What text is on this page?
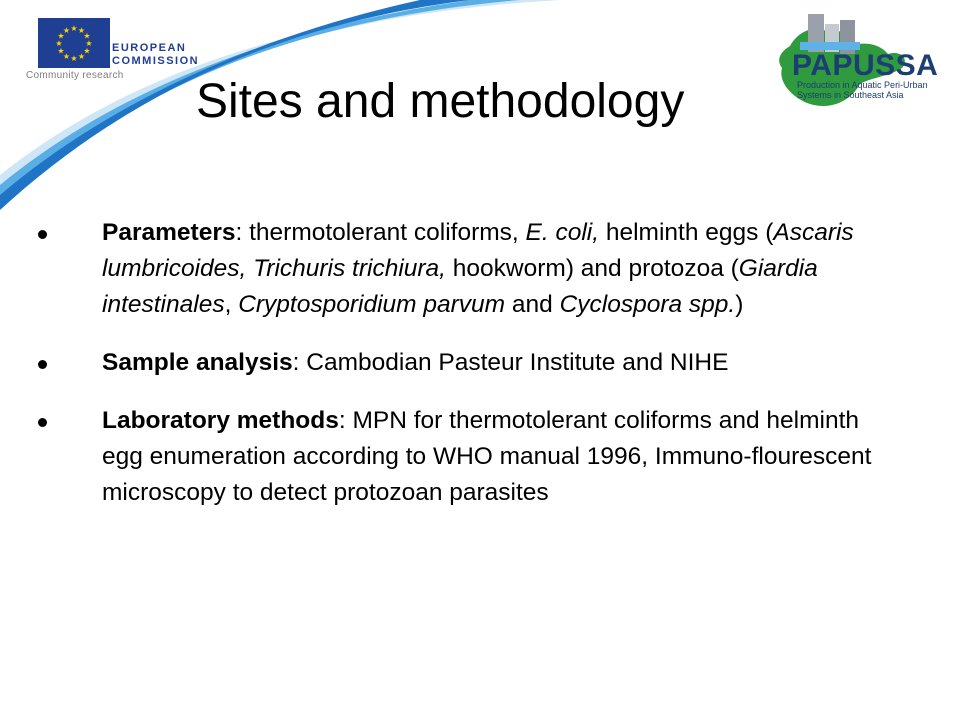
★ ★
★
★
★
★
★
★
★
★
★
★
EUROPEAN
COMMISSION
Community research	PAPUSSA
Production in Aquatic Peri-Urban
Systems in Southeast Asia
Sites and methodology
Parameters: thermotolerant coliforms, E. coli, helminth eggs (Ascaris lumbricoides, Trichuris trichiura, hookworm) and protozoa (Giardia intestinales, Cryptosporidium parvum and Cyclospora spp.)
Sample analysis: Cambodian Pasteur Institute and NIHE
Laboratory methods: MPN for thermotolerant coliforms and helminth egg enumeration according to WHO manual 1996, Immuno-flourescent microscopy to detect protozoan parasites
